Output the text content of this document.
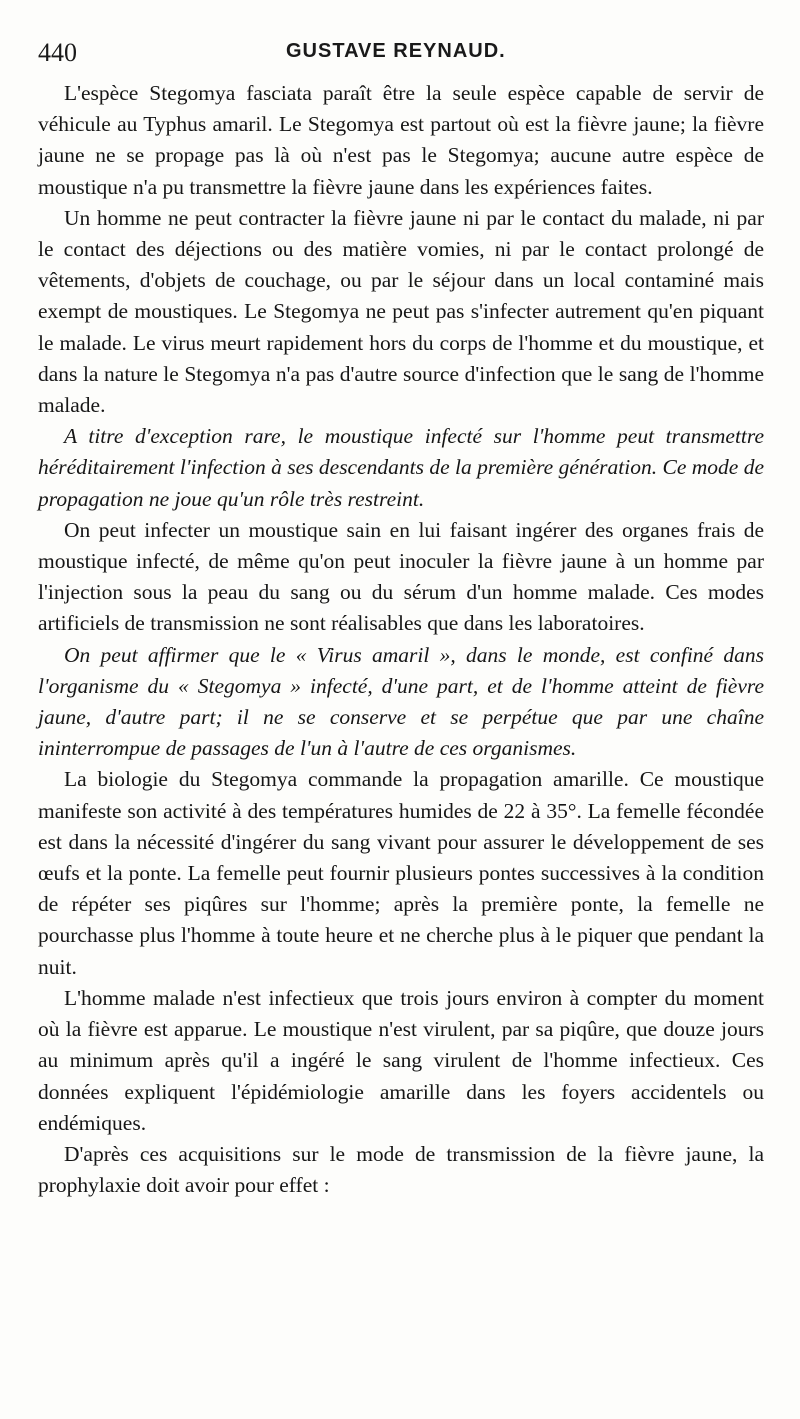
440	GUSTAVE REYNAUD.

L'espèce Stegomya fasciata paraît être la seule espèce capable de servir de véhicule au Typhus amaril. Le Stegomya est partout où est la fièvre jaune; la fièvre jaune ne se propage pas là où n'est pas le Stegomya; aucune autre espèce de moustique n'a pu transmettre la fièvre jaune dans les expériences faites.

Un homme ne peut contracter la fièvre jaune ni par le contact du malade, ni par le contact des déjections ou des matière vomies, ni par le contact prolongé de vêtements, d'objets de couchage, ou par le séjour dans un local contaminé mais exempt de moustiques. Le Stegomya ne peut pas s'infecter autrement qu'en piquant le malade. Le virus meurt rapidement hors du corps de l'homme et du moustique, et dans la nature le Stegomya n'a pas d'autre source d'infection que le sang de l'homme malade.

A titre d'exception rare, le moustique infecté sur l'homme peut transmettre héréditairement l'infection à ses descendants de la première génération. Ce mode de propagation ne joue qu'un rôle très restreint.

On peut infecter un moustique sain en lui faisant ingérer des organes frais de moustique infecté, de même qu'on peut inoculer la fièvre jaune à un homme par l'injection sous la peau du sang ou du sérum d'un homme malade. Ces modes artificiels de transmission ne sont réalisables que dans les laboratoires.

On peut affirmer que le « Virus amaril », dans le monde, est confiné dans l'organisme du « Stegomya » infecté, d'une part, et de l'homme atteint de fièvre jaune, d'autre part; il ne se conserve et se perpétue que par une chaîne ininterrompue de passages de l'un à l'autre de ces organismes.

La biologie du Stegomya commande la propagation amarille. Ce moustique manifeste son activité à des températures humides de 22 à 35°. La femelle fécondée est dans la nécessité d'ingérer du sang vivant pour assurer le développement de ses œufs et la ponte. La femelle peut fournir plusieurs pontes successives à la condition de répéter ses piqûres sur l'homme; après la première ponte, la femelle ne pourchasse plus l'homme à toute heure et ne cherche plus à le piquer que pendant la nuit.

L'homme malade n'est infectieux que trois jours environ à compter du moment où la fièvre est apparue. Le moustique n'est virulent, par sa piqûre, que douze jours au minimum après qu'il a ingéré le sang virulent de l'homme infectieux. Ces données expliquent l'épidémiologie amarille dans les foyers accidentels ou endémiques.

D'après ces acquisitions sur le mode de transmission de la fièvre jaune, la prophylaxie doit avoir pour effet :
